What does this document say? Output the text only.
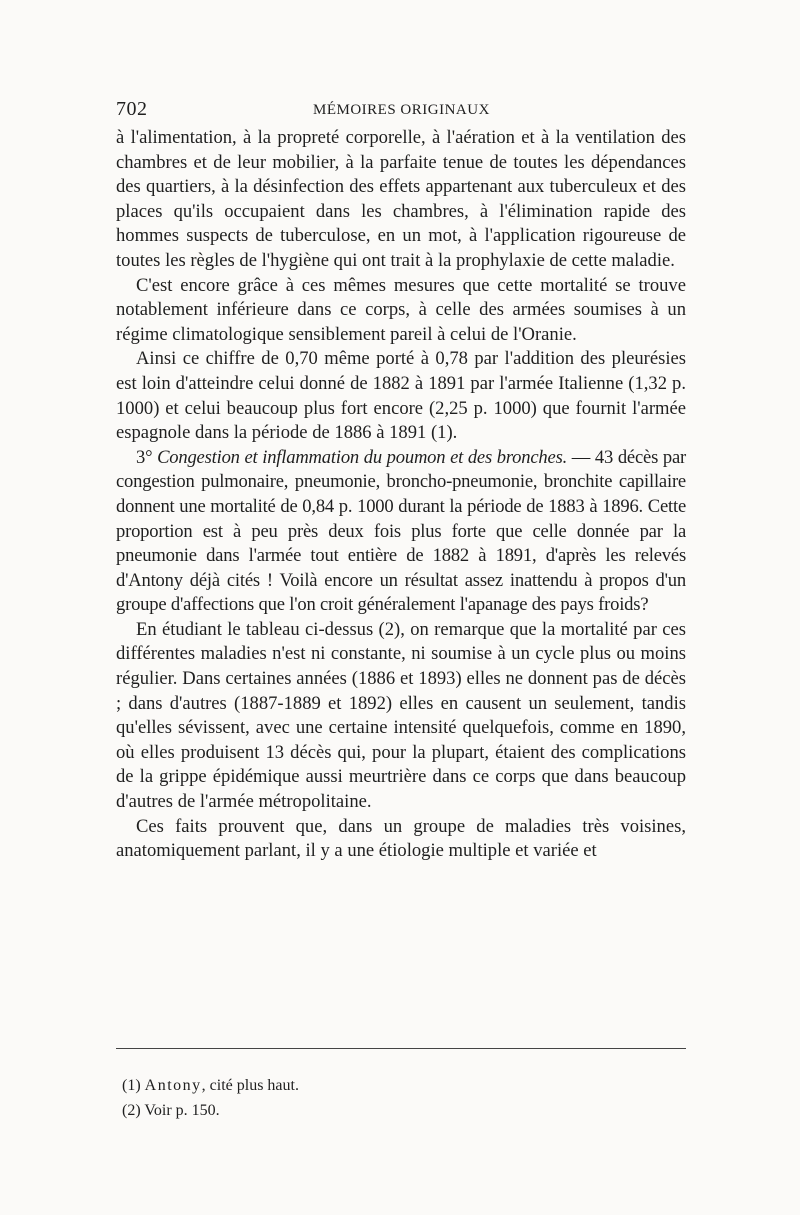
702	MÉMOIRES ORIGINAUX

à l'alimentation, à la propreté corporelle, à l'aération et à la ventilation des chambres et de leur mobilier, à la parfaite tenue de toutes les dépendances des quartiers, à la désinfection des effets appartenant aux tuberculeux et des places qu'ils occupaient dans les chambres, à l'élimination rapide des hommes suspects de tuberculose, en un mot, à l'application rigoureuse de toutes les règles de l'hygiène qui ont trait à la prophylaxie de cette maladie.

C'est encore grâce à ces mêmes mesures que cette mortalité se trouve notablement inférieure dans ce corps, à celle des armées soumises à un régime climatologique sensiblement pareil à celui de l'Oranie.

Ainsi ce chiffre de 0,70 même porté à 0,78 par l'addition des pleurésies est loin d'atteindre celui donné de 1882 à 1891 par l'armée Italienne (1,32 p. 1000) et celui beaucoup plus fort encore (2,25 p. 1000) que fournit l'armée espagnole dans la période de 1886 à 1891 (1).

3° Congestion et inflammation du poumon et des bronches. — 43 décès par congestion pulmonaire, pneumonie, broncho-pneumonie, bronchite capillaire donnent une mortalité de 0,84 p. 1000 durant la période de 1883 à 1896. Cette proportion est à peu près deux fois plus forte que celle donnée par la pneumonie dans l'armée tout entière de 1882 à 1891, d'après les relevés d'Antony déjà cités ! Voilà encore un résultat assez inattendu à propos d'un groupe d'affections que l'on croit généralement l'apanage des pays froids?

En étudiant le tableau ci-dessus (2), on remarque que la mortalité par ces différentes maladies n'est ni constante, ni soumise à un cycle plus ou moins régulier. Dans certaines années (1886 et 1893) elles ne donnent pas de décès ; dans d'autres (1887-1889 et 1892) elles en causent un seulement, tandis qu'elles sévissent, avec une certaine intensité quelquefois, comme en 1890, où elles produisent 13 décès qui, pour la plupart, étaient des complications de la grippe épidémique aussi meurtrière dans ce corps que dans beaucoup d'autres de l'armée métropolitaine.

Ces faits prouvent que, dans un groupe de maladies très voisines, anatomiquement parlant, il y a une étiologie multiple et variée et

(1) Antony, cité plus haut.
(2) Voir p. 150.
